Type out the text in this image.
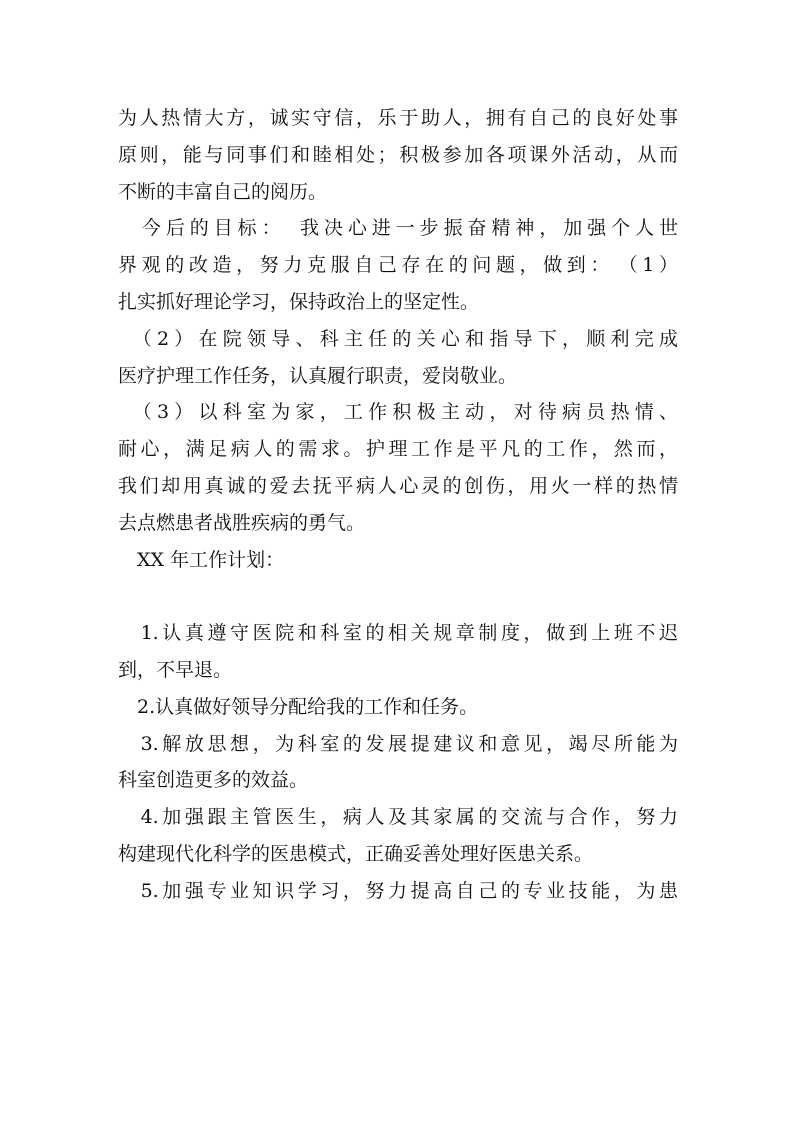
为人热情大方，诚实守信，乐于助人，拥有自己的良好处事
原则，能与同事们和睦相处；积极参加各项课外活动，从而
不断的丰富自己的阅历。
　今后的目标：　我决心进一步振奋精神，加强个人世
界观的改造，努力克服自己存在的问题，做到：　（1）
扎实抓好理论学习，保持政治上的坚定性。
　（2）在院领导、科主任的关心和指导下，顺利完成
医疗护理工作任务，认真履行职责，爱岗敬业。
　（3）以科室为家，工作积极主动，对待病员热情、
耐心，满足病人的需求。护理工作是平凡的工作，然而，
我们却用真诚的爱去抚平病人心灵的创伤，用火一样的热情
去点燃患者战胜疾病的勇气。
　XX 年工作计划：
　1.认真遵守医院和科室的相关规章制度，做到上班不迟
到，不早退。
　2.认真做好领导分配给我的工作和任务。
　3.解放思想，为科室的发展提建议和意见，竭尽所能为
科室创造更多的效益。
　4.加强跟主管医生，病人及其家属的交流与合作，努力
构建现代化科学的医患模式，正确妥善处理好医患关系。
　5.加强专业知识学习，努力提高自己的专业技能，为患
